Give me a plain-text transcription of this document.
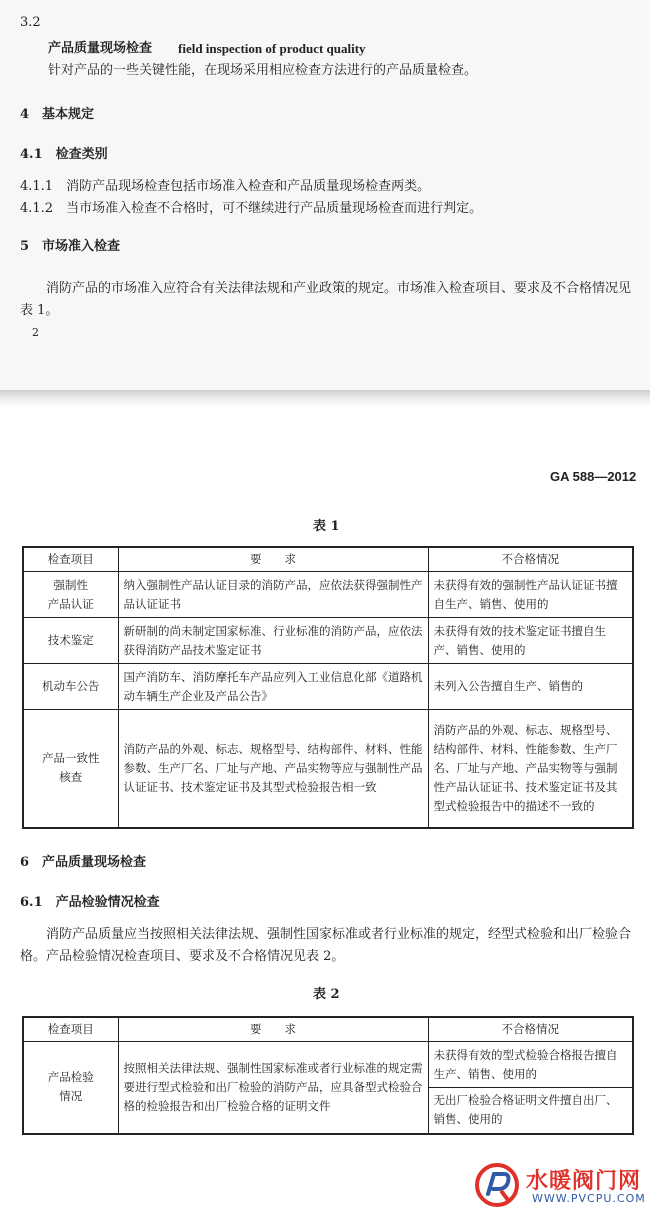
3.2
产品质量现场检查 field inspection of product quality
针对产品的一些关键性能，在现场采用相应检查方法进行的产品质量检查。
4　基本规定
4.1　检查类别
4.1.1　消防产品现场检查包括市场准入检查和产品质量现场检查两类。
4.1.2　当市场准入检查不合格时，可不继续进行产品质量现场检查而进行判定。
5　市场准入检查
消防产品的市场准入应符合有关法律法规和产业政策的规定。市场准入检查项目、要求及不合格情况见表 1。
2
GA 588—2012
表 1
检查项目	要　　求	不合格情况
强制性
产品认证	纳入强制性产品认证目录的消防产品，应依法获得强制性产品认证证书	未获得有效的强制性产品认证证书擅自生产、销售、使用的
技术鉴定	新研制的尚未制定国家标准、行业标准的消防产品，应依法获得消防产品技术鉴定证书	未获得有效的技术鉴定证书擅自生产、销售、使用的
机动车公告	国产消防车、消防摩托车产品应列入工业信息化部《道路机动车辆生产企业及产品公告》	未列入公告擅自生产、销售的
产品一致性
核查	消防产品的外观、标志、规格型号、结构部件、材料、性能参数、生产厂名、厂址与产地、产品实物等应与强制性产品认证证书、技术鉴定证书及其型式检验报告相一致	消防产品的外观、标志、规格型号、结构部件、材料、性能参数、生产厂名、厂址与产地、产品实物等与强制性产品认证证书、技术鉴定证书及其型式检验报告中的描述不一致的
6　产品质量现场检查
6.1　产品检验情况检查
消防产品质量应当按照相关法律法规、强制性国家标准或者行业标准的规定，经型式检验和出厂检验合格。产品检验情况检查项目、要求及不合格情况见表 2。
表 2
检查项目	要　　求	不合格情况
产品检验
情况	按照相关法律法规、强制性国家标准或者行业标准的规定需要进行型式检验和出厂检验的消防产品，应具备型式检验合格的检验报告和出厂检验合格的证明文件	未获得有效的型式检验合格报告擅自生产、销售、使用的
		无出厂检验合格证明文件擅自出厂、销售、使用的
水暖阀门网
WWW.PVCPU.COM
